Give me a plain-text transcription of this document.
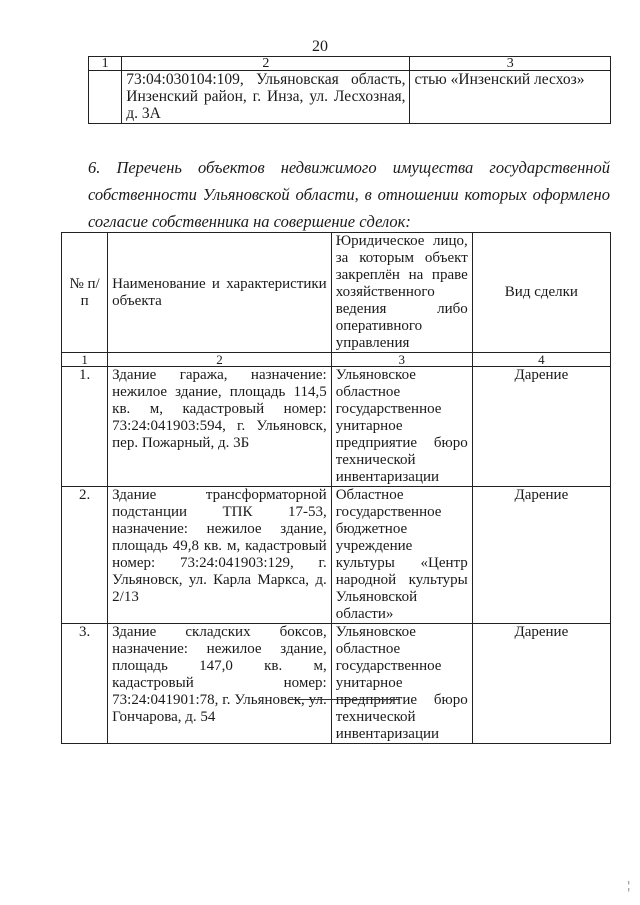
20
1	2	3
	73:04:030104:109, Ульяновская область, Инзенский район, г. Инза, ул. Лесхозная, д. 3А	стью «Инзенский лесхоз»
6. Перечень объектов недвижимого имущества государственной собственности Ульяновской области, в отношении которых оформлено согласие собственника на совершение сделок:
№ п/п	Наименование и характеристики объекта	Юридическое лицо, за которым объект закреплён на праве хозяйственного ведения либо оперативного управления	Вид сделки
1	2	3	4
1.	Здание гаража, назначение: нежилое здание, площадь 114,5 кв. м, кадастровый номер: 73:24:041903:594, г. Ульяновск, пер. Пожарный, д. 3Б	Ульяновское областное государственное унитарное предприятие бюро технической инвентаризации	Дарение
2.	Здание трансформаторной подстанции ТПК 17-53, назначение: нежилое здание, площадь 49,8 кв. м, кадастровый номер: 73:24:041903:129, г. Ульяновск, ул. Карла Маркса, д. 2/13	Областное государственное бюджетное учреждение культуры «Центр народной культуры Ульяновской области»	Дарение
3.	Здание складских боксов, назначение: нежилое здание, площадь 147,0 кв. м, кадастровый номер: 73:24:041901:78, г. Ульяновск, ул. Гончарова, д. 54	Ульяновское областное государственное унитарное предприятие бюро технической инвентаризации	Дарение
¦
